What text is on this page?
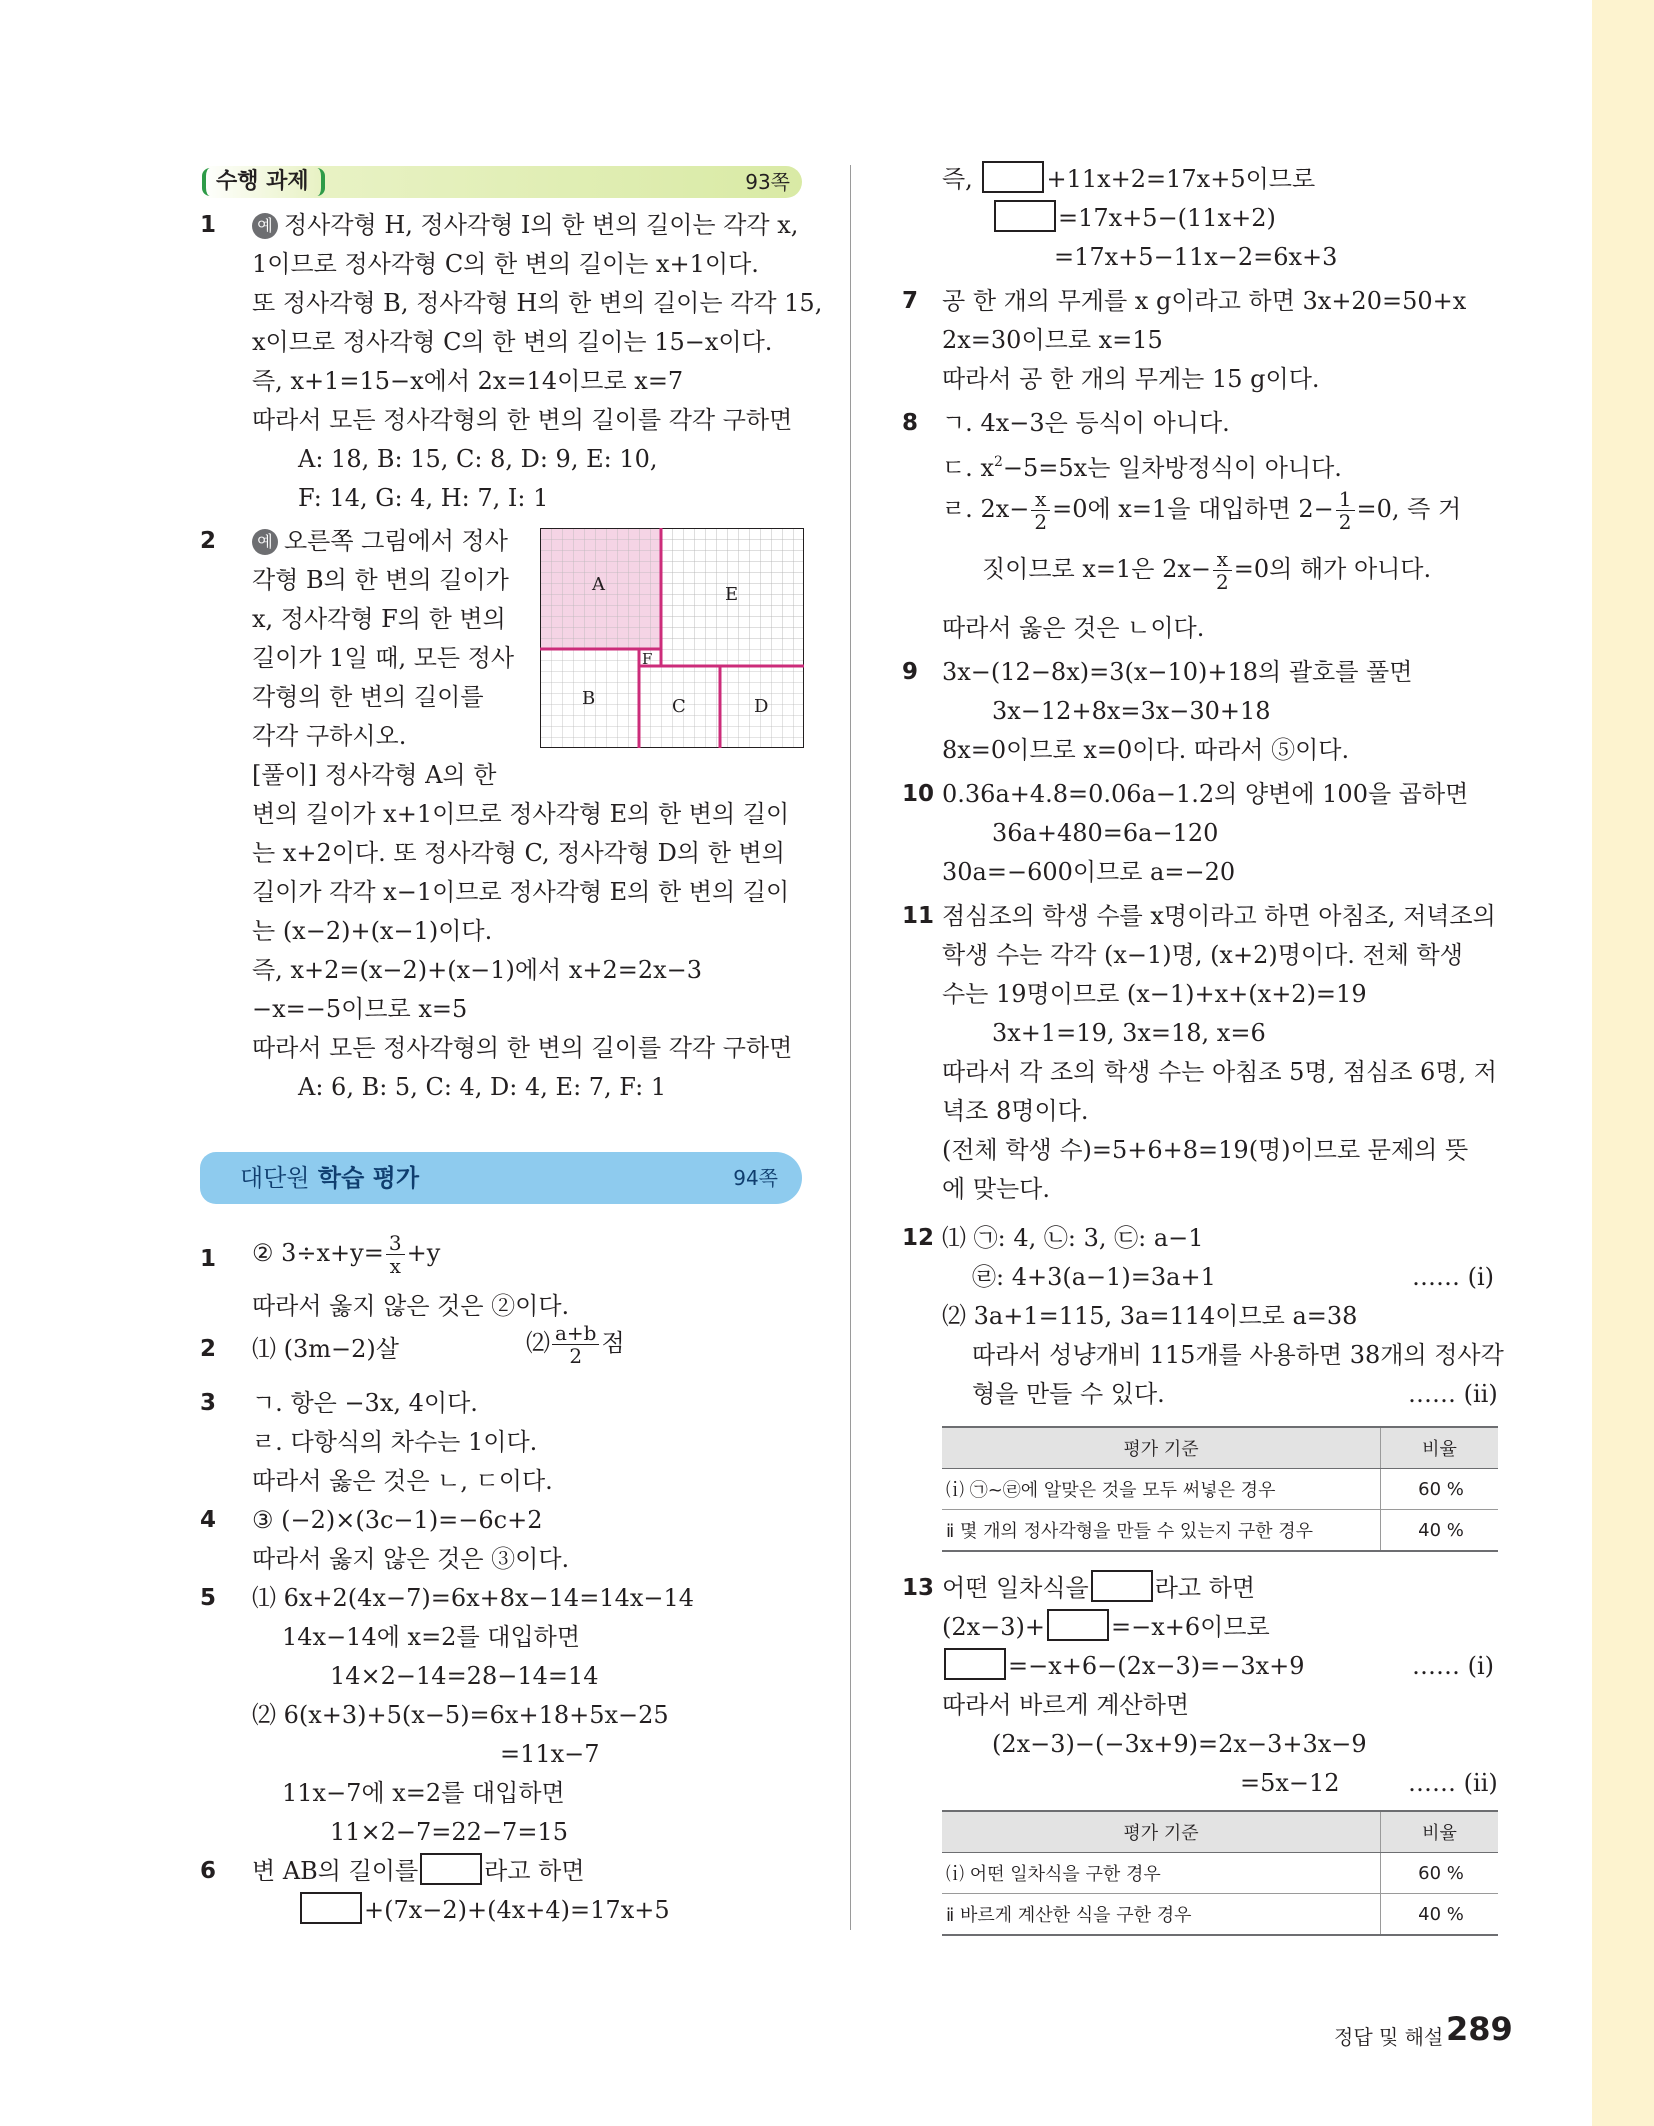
수행 과제	93쪽
1	예 정사각형 H, 정사각형 I의 한 변의 길이는 각각 x,
1이므로 정사각형 C의 한 변의 길이는 x+1이다.
또 정사각형 B, 정사각형 H의 한 변의 길이는 각각 15,
x이므로 정사각형 C의 한 변의 길이는 15−x이다.
즉, x+1=15−x에서 2x=14이므로 x=7
따라서 모든 정사각형의 한 변의 길이를 각각 구하면
A: 18, B: 15, C: 8, D: 9, E: 10,
F: 14, G: 4, H: 7, I: 1
2	예 오른쪽 그림에서 정사
각형 B의 한 변의 길이가
x, 정사각형 F의 한 변의
길이가 1일 때, 모든 정사
각형의 한 변의 길이를
각각 구하시오.
[풀이] 정사각형 A의 한
변의 길이가 x+1이므로 정사각형 E의 한 변의 길이
는 x+2이다. 또 정사각형 C, 정사각형 D의 한 변의
길이가 각각 x−1이므로 정사각형 E의 한 변의 길이
는 (x−2)+(x−1)이다.
즉, x+2=(x−2)+(x−1)에서 x+2=2x−3
−x=−5이므로 x=5
따라서 모든 정사각형의 한 변의 길이를 각각 구하면
A: 6, B: 5, C: 4, D: 4, E: 7, F: 1
A	E
F
B	C	D
대단원 학습 평가	94쪽
1 ② $3\div x+y= \frac{3}{x} +y$
따라서 옳지 않은 것은 ②이다.
2 ⑴ (3m−2)살	⑵ $\frac{a+b}{2}$ 점
3 ㄱ. 항은 −3x, 4이다.
ㄹ. 다항식의 차수는 1이다.
따라서 옳은 것은 ㄴ, ㄷ이다.
4 ③ (−2)×(3c−1)=−6c+2
따라서 옳지 않은 것은 ③이다.
5 ⑴ 6x+2(4x−7)=6x+8x−14=14x−14
14x−14에 x=2를 대입하면
14×2−14=28−14=14
⑵ 6(x+3)+5(x−5)=6x+18+5x−25
=11x−7
11x−7에 x=2를 대입하면
11×2−7=22−7=15
6 변 AB의 길이를	라고 하면
+(7x−2)+(4x+4)=17x+5
즉,	+11x+2=17x+5이므로
=17x+5−(11x+2)
=17x+5−11x−2=6x+3
7 공 한 개의 무게를 x g이라고 하면 3x+20=50+x
2x=30이므로 x=15
따라서 공 한 개의 무게는 15 g이다.
8 ㄱ. 4x−3은 등식이 아니다.
ㄷ. $x^2-5=5x$는 일차방정식이 아니다.
ㄹ. $2x- \frac{x}{2} =0$에 x=1을 대입하면 $2- \frac{1}{2} =0$, 즉 거
짓이므로 x=1은 $2x- \frac{x}{2} =0$의 해가 아니다.
따라서 옳은 것은 ㄴ이다.
9 3x−(12−8x)=3(x−10)+18의 괄호를 풀면
3x−12+8x=3x−30+18
8x=0이므로 x=0이다. 따라서 ⑤이다.
10 0.36a+4.8=0.06a−1.2의 양변에 100을 곱하면
36a+480=6a−120
30a=−600이므로 a=−20
11 점심조의 학생 수를 x명이라고 하면 아침조, 저녁조의
학생 수는 각각 (x−1)명, (x+2)명이다. 전체 학생
수는 19명이므로 (x−1)+x+(x+2)=19
3x+1=19, 3x=18, x=6
따라서 각 조의 학생 수는 아침조 5명, 점심조 6명, 저
녁조 8명이다.
(전체 학생 수)=5+6+8=19(명)이므로 문제의 뜻
에 맞는다.
12 ⑴ ㉠: 4, ㉡: 3, ㉢: a−1
㉣: 4+3(a−1)=3a+1	…… (ⅰ)
⑵ 3a+1=115, 3a=114이므로 a=38
따라서 성냥개비 115개를 사용하면 38개의 정사각
형을 만들 수 있다.	…… (ⅱ)
평가 기준	비율
⒤ ㉠~㉣에 알맞은 것을 모두 써넣은 경우	60 %
ⅱ 몇 개의 정사각형을 만들 수 있는지 구한 경우	40 %
13 어떤 일차식을	라고 하면
(2x−3)+	=−x+6이므로
=−x+6−(2x−3)=−3x+9	…… (ⅰ)
따라서 바르게 계산하면
(2x−3)−(−3x+9)=2x−3+3x−9
=5x−12	…… (ⅱ)
평가 기준	비율
⒤ 어떤 일차식을 구한 경우	60 %
ⅱ 바르게 계산한 식을 구한 경우	40 %
정답 및 해설 289
